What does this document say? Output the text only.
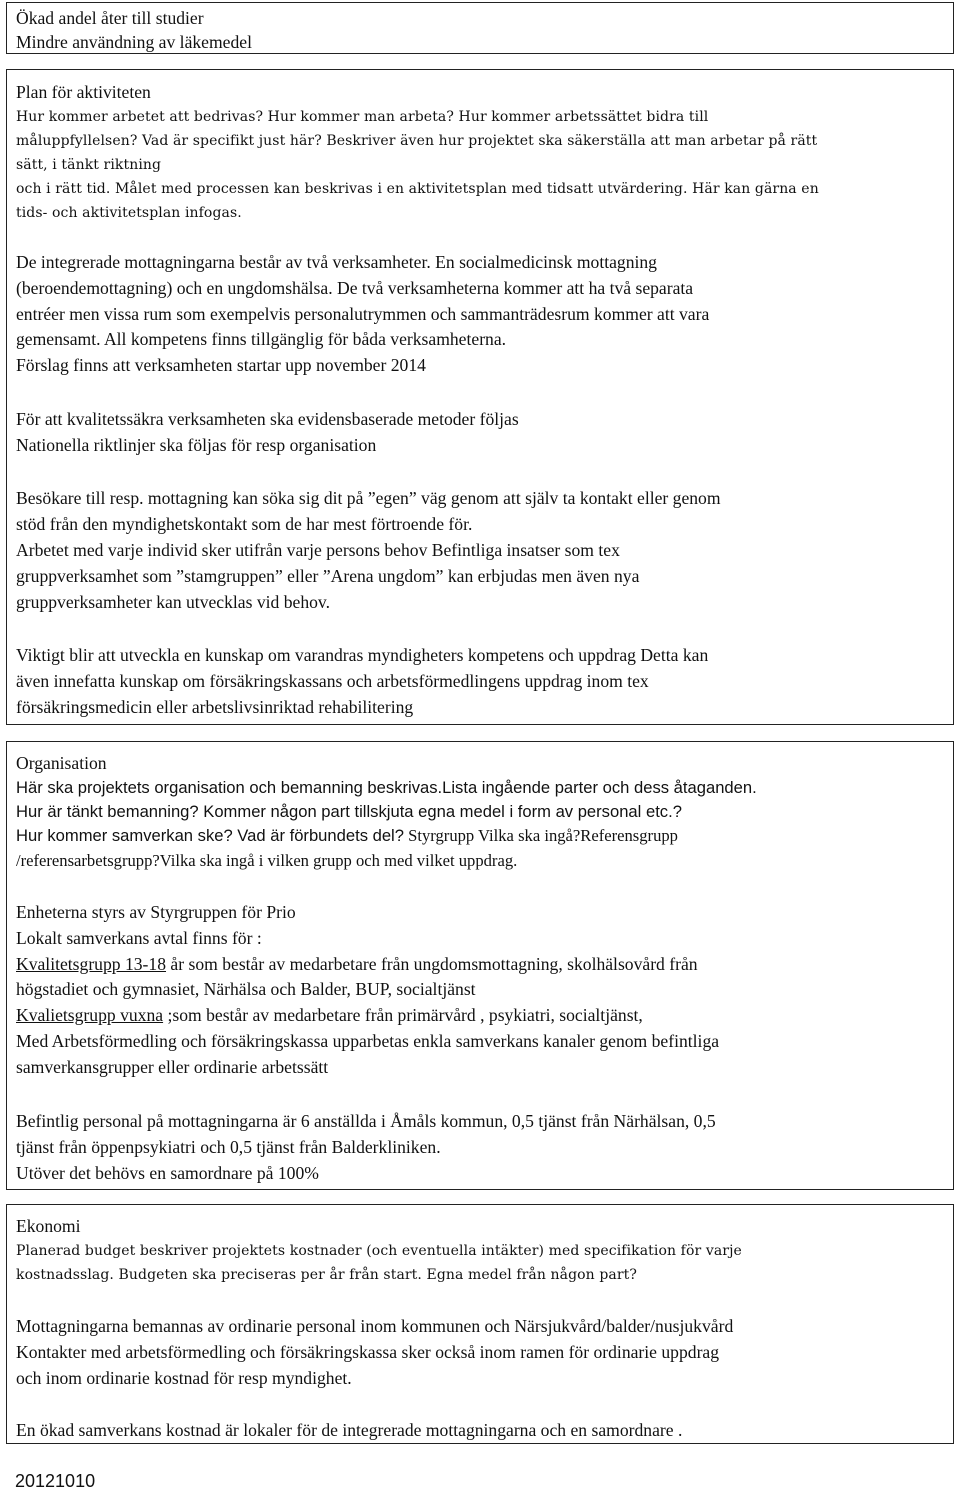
Ökad andel åter till studier
Mindre användning av läkemedel
Plan för aktiviteten
Hur kommer arbetet att bedrivas? Hur kommer man arbeta? Hur kommer arbetssättet bidra till
måluppfyllelsen? Vad är specifikt just här? Beskriver även hur projektet ska säkerställa att man arbetar på rätt
sätt, i tänkt riktning
och i rätt tid. Målet med processen kan beskrivas i en aktivitetsplan med tidsatt utvärdering. Här kan gärna en
tids- och aktivitetsplan infogas.
De integrerade mottagningarna består av två verksamheter. En socialmedicinsk mottagning
(beroendemottagning) och en ungdomshälsa. De två verksamheterna kommer att ha två separata
entréer men vissa rum som exempelvis personalutrymmen och sammanträdesrum kommer att vara
gemensamt. All kompetens finns tillgänglig för båda verksamheterna.
Förslag finns att verksamheten startar upp november 2014
För att kvalitetssäkra verksamheten ska evidensbaserade metoder följas
Nationella riktlinjer ska följas för resp organisation
Besökare till resp. mottagning kan söka sig dit på ”egen” väg genom att själv ta kontakt eller genom
stöd från den myndighetskontakt som de har mest förtroende för.
Arbetet med varje individ sker utifrån varje persons behov Befintliga insatser som tex
gruppverksamhet som ”stamgruppen” eller ”Arena ungdom” kan erbjudas men även nya
gruppverksamheter kan utvecklas vid behov.
Viktigt blir att utveckla en kunskap om varandras myndigheters kompetens och uppdrag Detta kan
även innefatta kunskap om försäkringskassans och arbetsförmedlingens uppdrag inom tex
försäkringsmedicin eller arbetslivsinriktad rehabilitering
Organisation
Här ska projektets organisation och bemanning beskrivas.Lista ingående parter och dess åtaganden.
Hur är tänkt bemanning? Kommer någon part tillskjuta egna medel i form av personal etc.?
Hur kommer samverkan ske? Vad är förbundets del? Styrgrupp Vilka ska ingå?Referensgrupp
/referensarbetsgrupp?Vilka ska ingå i vilken grupp och med vilket uppdrag.
Enheterna styrs av Styrgruppen för Prio
Lokalt samverkans avtal finns för :
Kvalitetsgrupp 13-18 år som består av medarbetare från ungdomsmottagning, skolhälsovård från
högstadiet och gymnasiet, Närhälsa och Balder, BUP, socialtjänst
Kvalietsgrupp vuxna ;som består av medarbetare från primärvård , psykiatri, socialtjänst,
Med Arbetsförmedling och försäkringskassa upparbetas enkla samverkans kanaler genom befintliga
samverkansgrupper eller ordinarie arbetssätt
Befintlig personal på mottagningarna är 6 anställda i Åmåls kommun, 0,5 tjänst från Närhälsan, 0,5
tjänst från öppenpsykiatri och 0,5 tjänst från Balderkliniken.
Utöver det behövs en samordnare på 100%
Ekonomi
Planerad budget beskriver projektets kostnader (och eventuella intäkter) med specifikation för varje
kostnadsslag. Budgeten ska preciseras per år från start. Egna medel från någon part?
Mottagningarna bemannas av ordinarie personal inom kommunen och Närsjukvård/balder/nusjukvård
Kontakter med arbetsförmedling och försäkringskassa sker också inom ramen för ordinarie uppdrag
och inom ordinarie kostnad för resp myndighet.
En ökad samverkans kostnad är lokaler för de integrerade mottagningarna och en samordnare .
20121010
